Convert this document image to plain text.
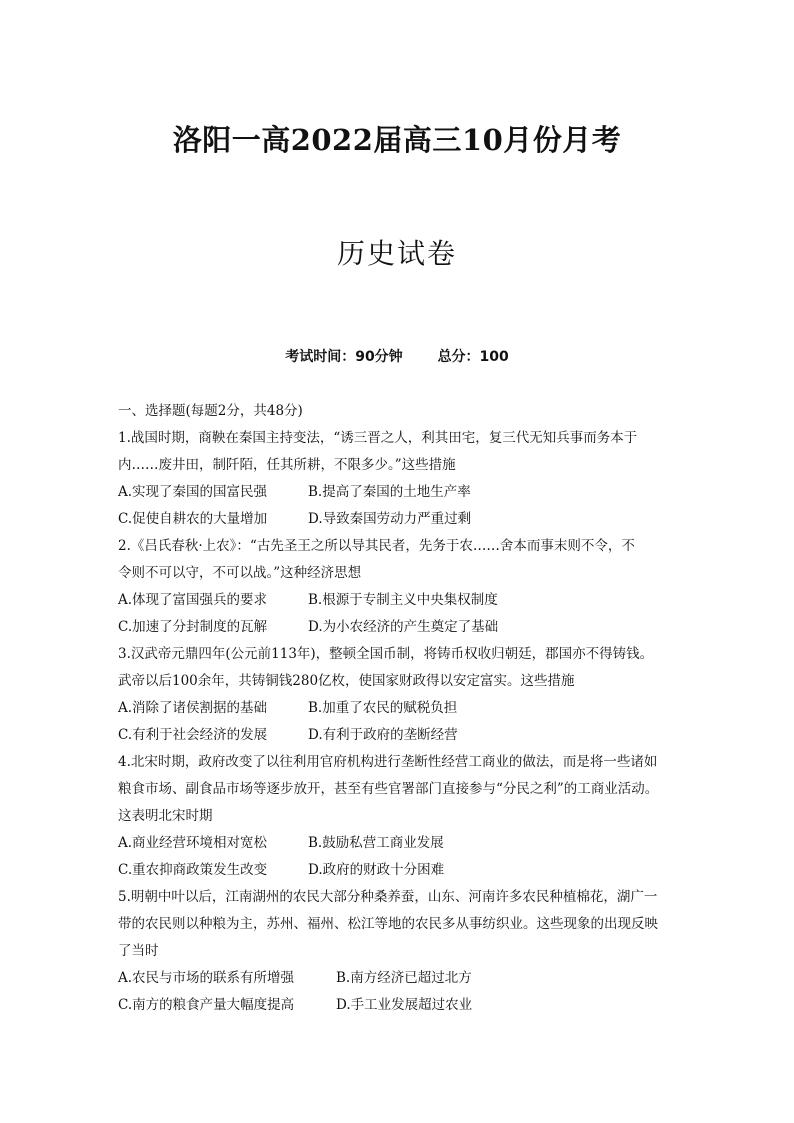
洛阳一高2022届高三10月份月考
历史试卷
考试时间：90分钟 总分：100
一、选择题(每题2分，共48分)
1.战国时期，商鞅在秦国主持变法，“诱三晋之人，利其田宅，复三代无知兵事而务本于
内……废井田，制阡陌，任其所耕，不限多少。”这些措施
A.实现了秦国的国富民强	B.提高了秦国的土地生产率
C.促使自耕农的大量增加	D.导致秦国劳动力严重过剩
2.《吕氏春秋·上农》：“古先圣王之所以导其民者，先务于农……舍本而事末则不令，不
令则不可以守，不可以战。”这种经济思想
A.体现了富国强兵的要求	B.根源于专制主义中央集权制度
C.加速了分封制度的瓦解	D.为小农经济的产生奠定了基础
3.汉武帝元鼎四年(公元前113年)，整顿全国币制，将铸币权收归朝廷，郡国亦不得铸钱。
武帝以后100余年，共铸铜钱280亿枚，使国家财政得以安定富实。这些措施
A.消除了诸侯割据的基础	B.加重了农民的赋税负担
C.有利于社会经济的发展	D.有利于政府的垄断经营
4.北宋时期，政府改变了以往利用官府机构进行垄断性经营工商业的做法，而是将一些诸如
粮食市场、副食品市场等逐步放开，甚至有些官署部门直接参与“分民之利”的工商业活动。
这表明北宋时期
A.商业经营环境相对宽松	B.鼓励私营工商业发展
C.重农抑商政策发生改变	D.政府的财政十分困难
5.明朝中叶以后，江南湖州的农民大部分种桑养蚕，山东、河南许多农民种植棉花，湖广一
带的农民则以种粮为主，苏州、福州、松江等地的农民多从事纺织业。这些现象的出现反映
了当时
A.农民与市场的联系有所增强	B.南方经济已超过北方
C.南方的粮食产量大幅度提高	D.手工业发展超过农业
